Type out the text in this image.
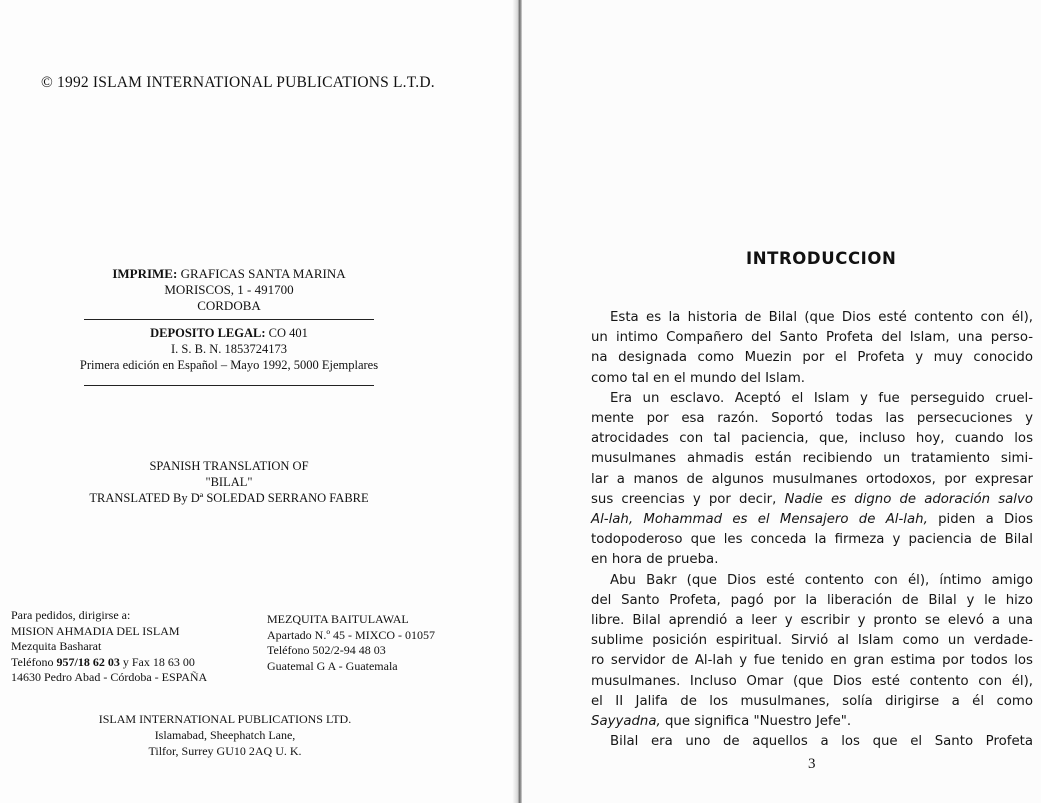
© 1992 ISLAM INTERNATIONAL PUBLICATIONS L.T.D.
IMPRIME: GRAFICAS SANTA MARINA
MORISCOS, 1 - 491700
CORDOBA
DEPOSITO LEGAL: CO 401
I. S. B. N. 1853724173
Primera edición en Español – Mayo 1992, 5000 Ejemplares
SPANISH TRANSLATION OF
"BILAL"
TRANSLATED By Dª SOLEDAD SERRANO FABRE
Para pedidos, dirigirse a:
MISION AHMADIA DEL ISLAM
Mezquita Basharat
Teléfono 957/18 62 03 y Fax 18 63 00
14630 Pedro Abad - Córdoba - ESPAÑA
MEZQUITA BAITULAWAL
Apartado N.º 45 - MIXCO - 01057
Teléfono 502/2-94 48 03
Guatemal G A - Guatemala
ISLAM INTERNATIONAL PUBLICATIONS LTD.
Islamabad, Sheephatch Lane,
Tilfor, Surrey GU10 2AQ U. K.
INTRODUCCION
Esta es la historia de Bilal (que Dios esté contento con él),
un intimo Compañero del Santo Profeta del Islam, una perso-
na designada como Muezin por el Profeta y muy conocido
como tal en el mundo del Islam.
Era un esclavo. Aceptó el Islam y fue perseguido cruel-
mente por esa razón. Soportó todas las persecuciones y
atrocidades con tal paciencia, que, incluso hoy, cuando los
musulmanes ahmadis están recibiendo un tratamiento simi-
lar a manos de algunos musulmanes ortodoxos, por expresar
sus creencias y por decir, Nadie es digno de adoración salvo
Al-lah, Mohammad es el Mensajero de Al-lah, piden a Dios
todopoderoso que les conceda la firmeza y paciencia de Bilal
en hora de prueba.
Abu Bakr (que Dios esté contento con él), íntimo amigo
del Santo Profeta, pagó por la liberación de Bilal y le hizo
libre. Bilal aprendió a leer y escribir y pronto se elevó a una
sublime posición espiritual. Sirvió al Islam como un verdade-
ro servidor de Al-lah y fue tenido en gran estima por todos los
musulmanes. Incluso Omar (que Dios esté contento con él),
el II Jalifa de los musulmanes, solía dirigirse a él como
Sayyadna, que significa "Nuestro Jefe".
Bilal era uno de aquellos a los que el Santo Profeta
3
